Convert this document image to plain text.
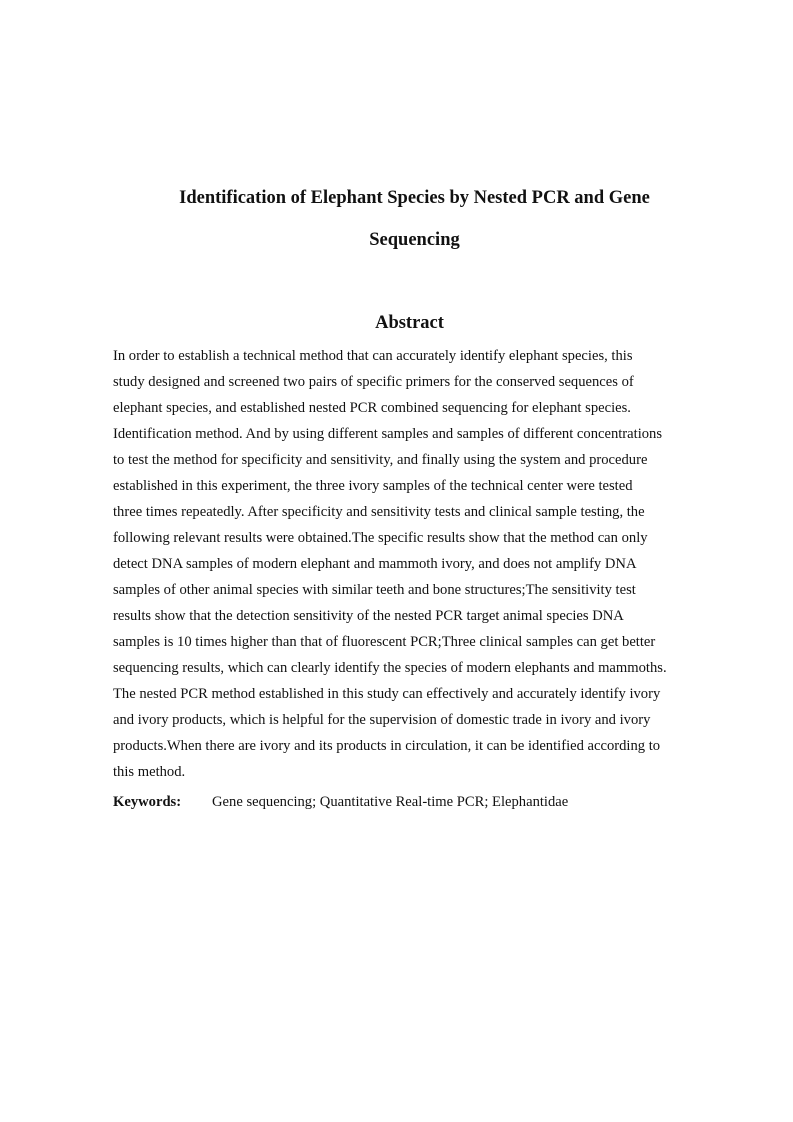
Identification of Elephant Species by Nested PCR and Gene
Sequencing
Abstract

In order to establish a technical method that can accurately identify elephant species, this
study designed and screened two pairs of specific primers for the conserved sequences of
elephant species, and established nested PCR combined sequencing for elephant species.
Identification method. And by using different samples and samples of different concentrations
to test the method for specificity and sensitivity, and finally using the system and procedure
established in this experiment, the three ivory samples of the technical center were tested
three times repeatedly. After specificity and sensitivity tests and clinical sample testing, the
following relevant results were obtained.The specific results show that the method can only
detect DNA samples of modern elephant and mammoth ivory, and does not amplify DNA
samples of other animal species with similar teeth and bone structures;The sensitivity test
results show that the detection sensitivity of the nested PCR target animal species DNA
samples is 10 times higher than that of fluorescent PCR;Three clinical samples can get better
sequencing results, which can clearly identify the species of modern elephants and mammoths.
The nested PCR method established in this study can effectively and accurately identify ivory
and ivory products, which is helpful for the supervision of domestic trade in ivory and ivory
products.When there are ivory and its products in circulation, it can be identified according to
this method.

Keywords: Gene sequencing; Quantitative Real-time PCR; Elephantidae
